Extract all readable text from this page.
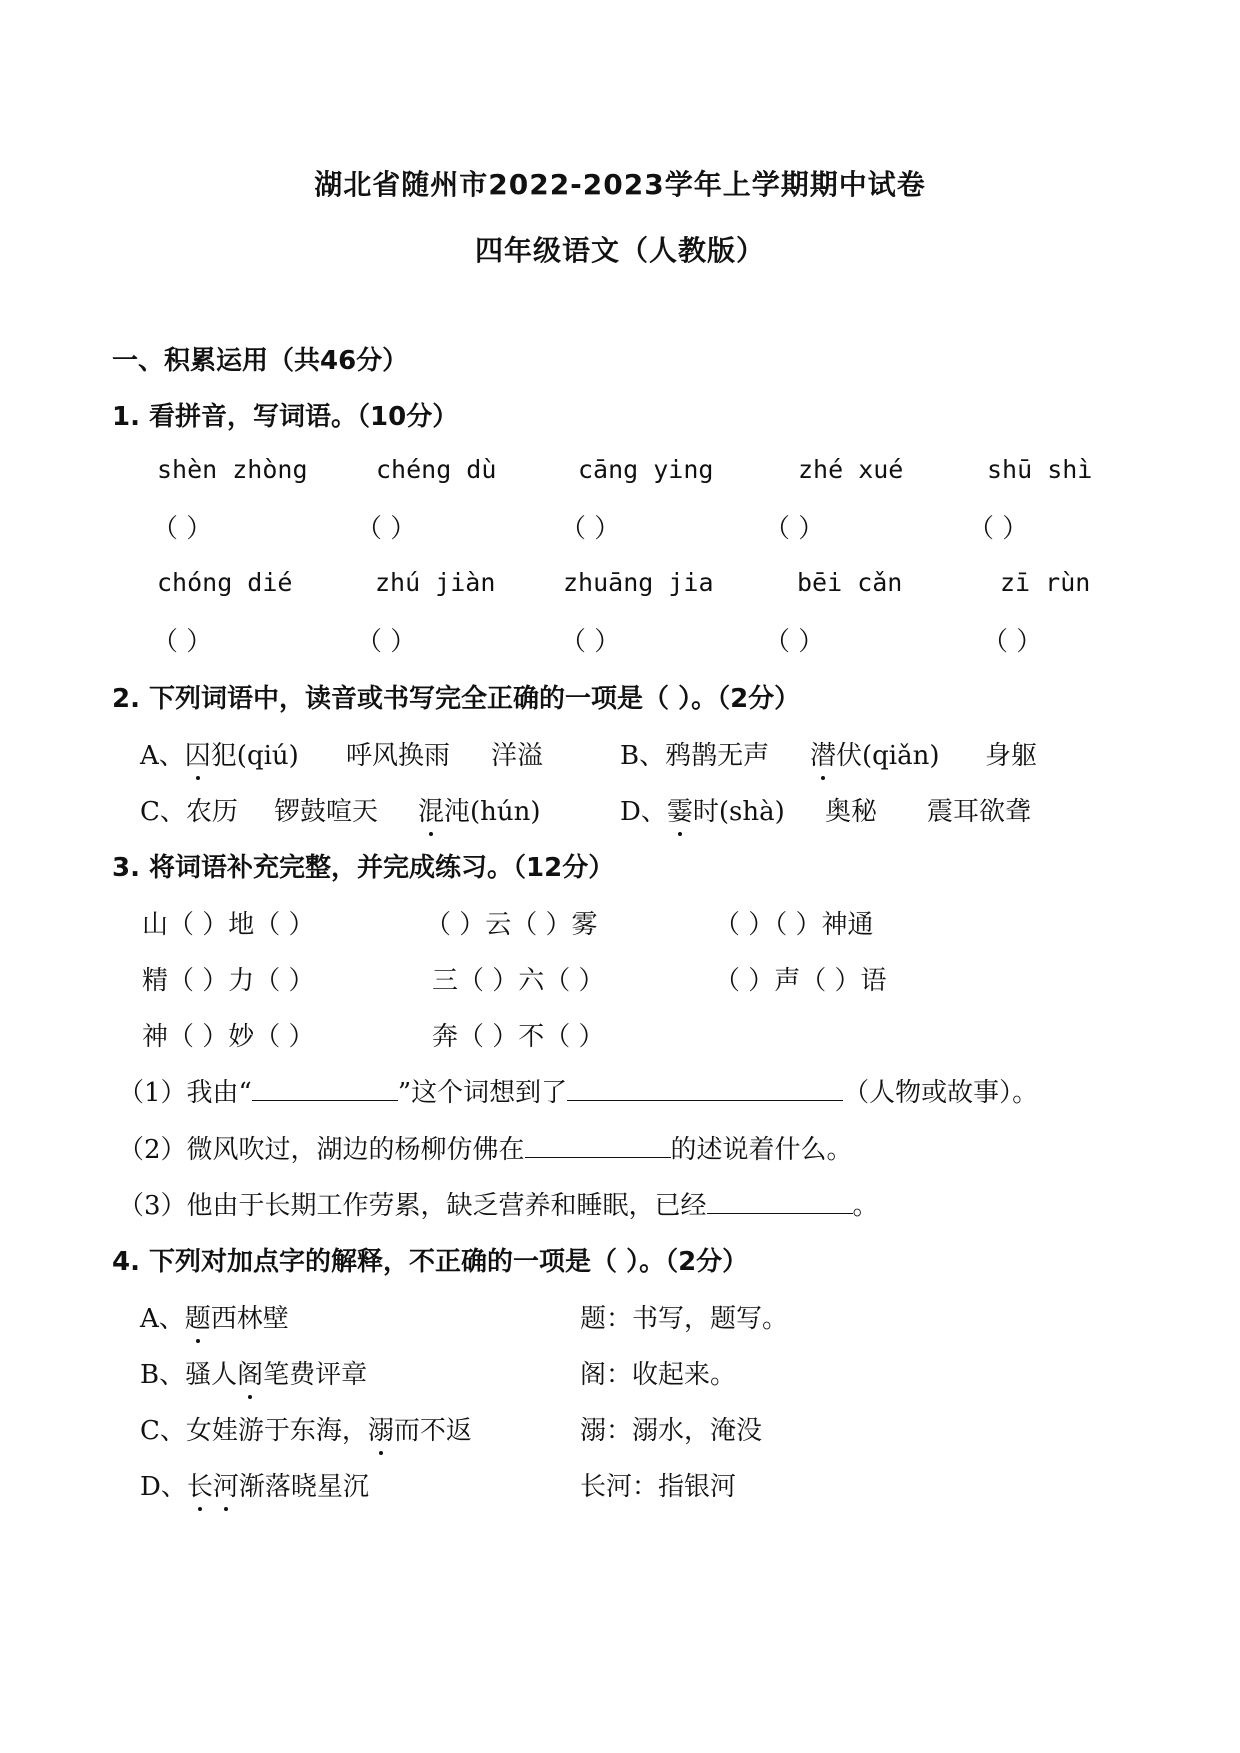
湖北省随州市2022-2023学年上学期期中试卷
四年级语文（人教版）
一、积累运用（共46分）
1. 看拼音，写词语。（10分）
shèn zhòng	chéng dù	cāng ying	zhé xué	shū shì
（ ）	（ ）	（ ）	（ ）	（ ）
chóng dié	zhú jiàn	zhuāng jia	bēi cǎn	zī rùn
（ ）	（ ）	（ ）	（ ）	（ ）
2. 下列词语中，读音或书写完全正确的一项是（ ）。（2分）
A、囚犯(qiú) 呼风换雨 洋溢	B、鸦鹊无声 潜伏(qiǎn) 身躯
C、农历 锣鼓喧天 混沌(hún)	D、霎时(shà) 奥秘 震耳欲聋
3. 将词语补充完整，并完成练习。（12分）
山（ ）地（ ）	（ ）云（ ）雾	（ ）（ ）神通
精（ ）力（ ）	三（ ）六（ ）	（ ）声（ ）语
神（ ）妙（ ）	奔（ ）不（ ）
（1）我由“	”这个词想到了	（人物或故事）。
（2）微风吹过，湖边的杨柳仿佛在	的述说着什么。
（3）他由于长期工作劳累，缺乏营养和睡眠，已经	。
4. 下列对加点字的解释，不正确的一项是（ ）。（2分）
A、题西林壁	题：书写，题写。
B、骚人阁笔费评章	阁：收起来。
C、女娃游于东海，溺而不返	溺：溺水，淹没
D、长河渐落晓星沉	长河：指银河
